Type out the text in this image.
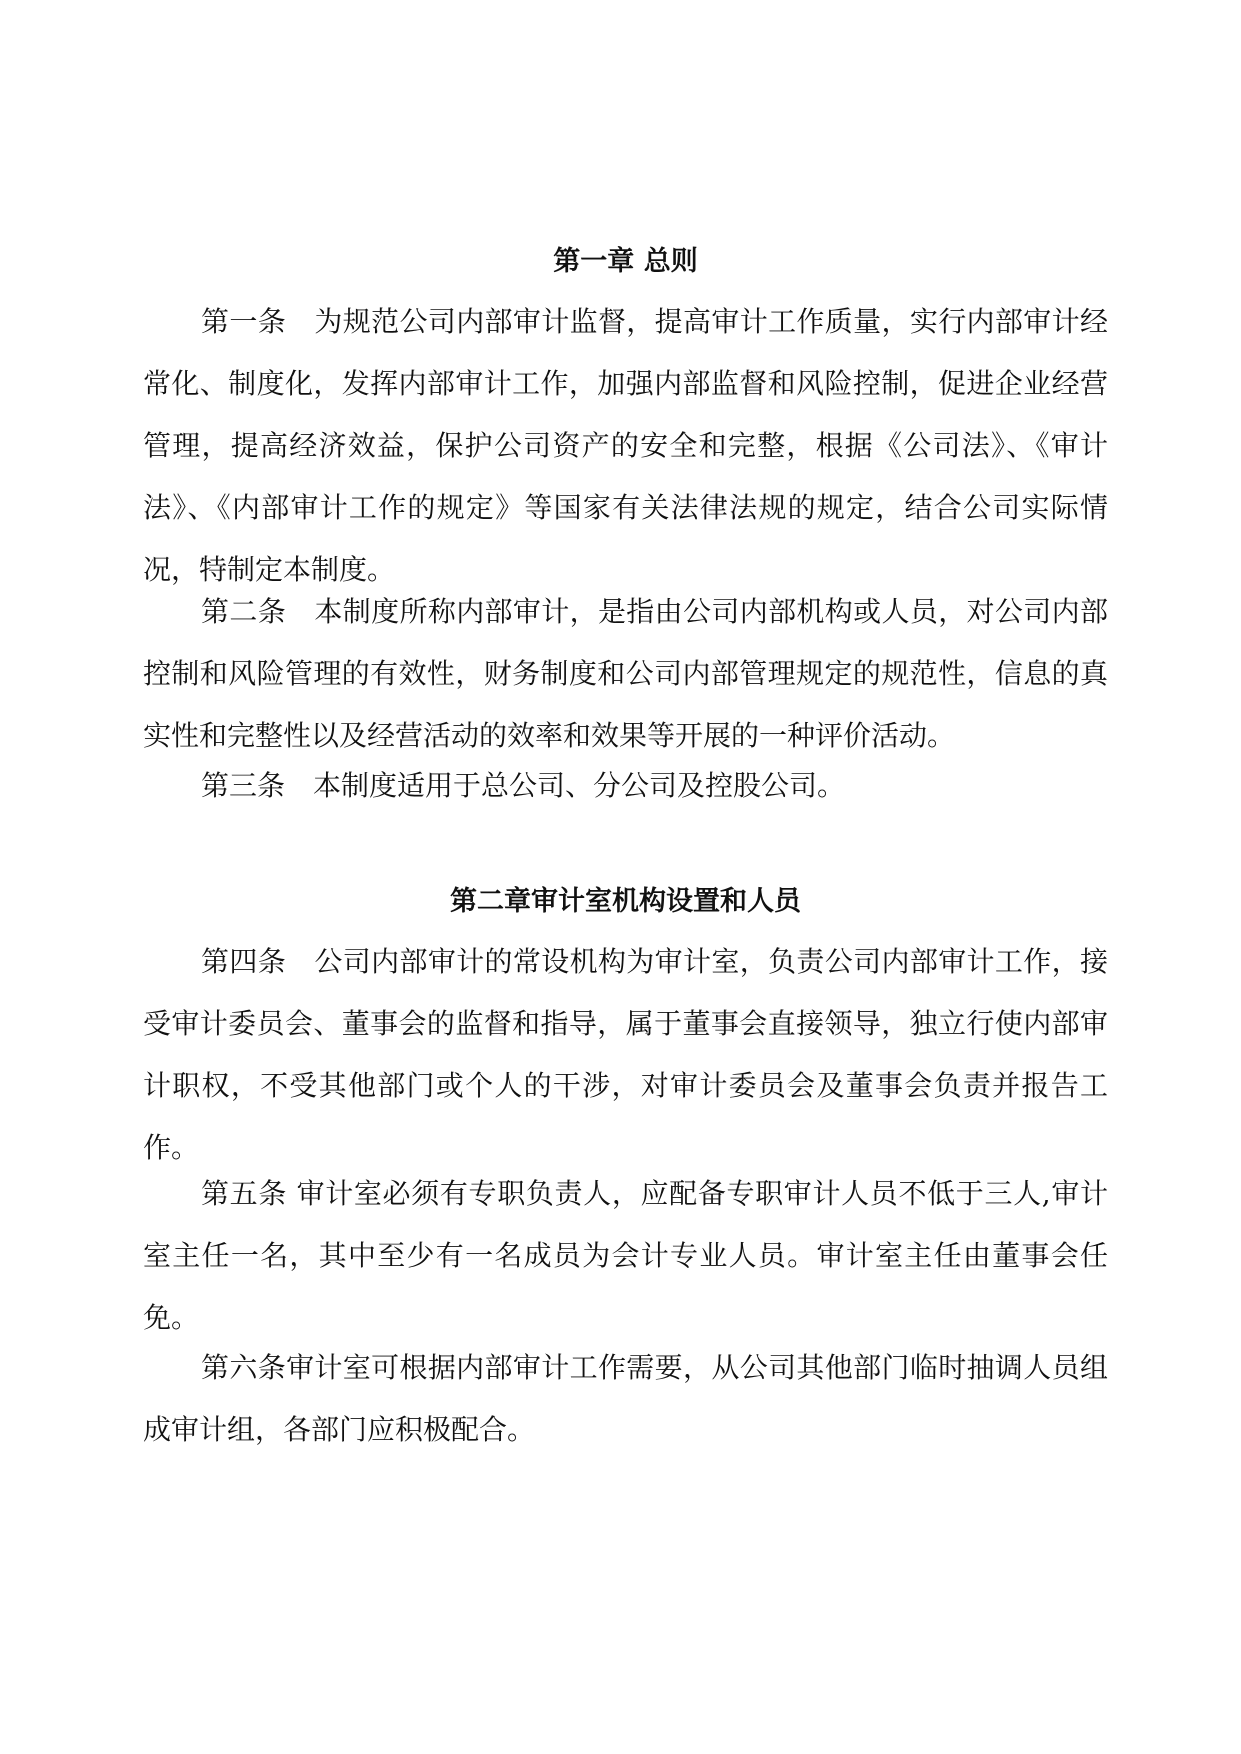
第一章 总则

第一条　 为规范公司内部审计监督，提高审计工作质量，实行内部审计经常化、制度化，发挥内部审计工作，加强内部监督和风险控制，促进企业经营管理，提高经济效益，保护公司资产的安全和完整，根据《公司法》、《审计法》、《内部审计工作的规定》等国家有关法律法规的规定，结合公司实际情况，特制定本制度。

第二条　 本制度所称内部审计，是指由公司内部机构或人员，对公司内部控制和风险管理的有效性，财务制度和公司内部管理规定的规范性，信息的真实性和完整性以及经营活动的效率和效果等开展的一种评价活动。

第三条　 本制度适用于总公司、分公司及控股公司。

第二章审计室机构设置和人员

第四条　 公司内部审计的常设机构为审计室，负责公司内部审计工作，接受审计委员会、董事会的监督和指导，属于董事会直接领导，独立行使内部审计职权，不受其他部门或个人的干涉，对审计委员会及董事会负责并报告工作。

第五条 审计室必须有专职负责人，应配备专职审计人员不低于三人,审计室主任一名，其中至少有一名成员为会计专业人员。审计室主任由董事会任免。

第六条审计室可根据内部审计工作需要，从公司其他部门临时抽调人员组成审计组，各部门应积极配合。
